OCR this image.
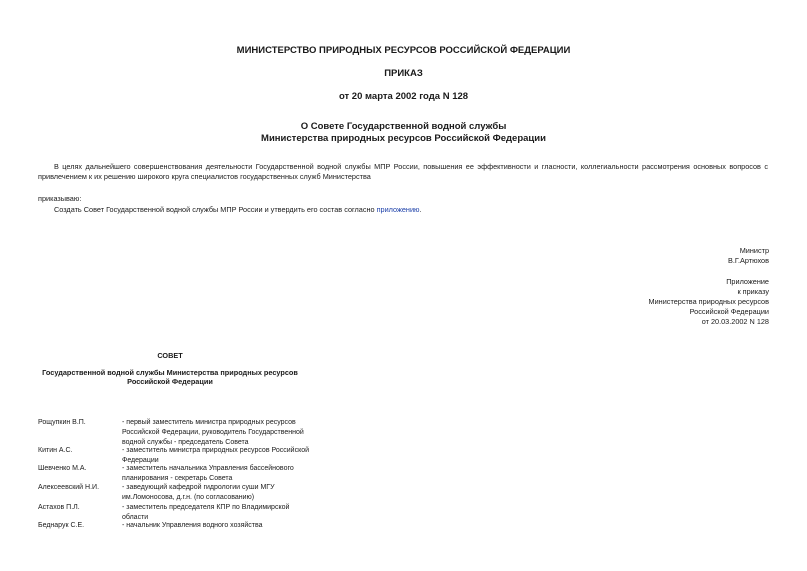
МИНИСТЕРСТВО ПРИРОДНЫХ РЕСУРСОВ РОССИЙСКОЙ ФЕДЕРАЦИИ
ПРИКАЗ
от 20 марта 2002 года N 128
О Совете Государственной водной службы
Министерства природных ресурсов Российской Федерации
В целях дальнейшего совершенствования деятельности Государственной водной службы МПР России, повышения ее эффективности и гласности, коллегиальности рассмотрения основных вопросов с привлечением к их решению широкого круга специалистов государственных служб Министерства
приказываю:
Создать Совет Государственной водной службы МПР России и утвердить его состав согласно приложению.
Министр
В.Г.Артюхов
Приложение
к приказу
Министерства природных ресурсов
Российской Федерации
от 20.03.2002 N 128
СОВЕТ
Государственной водной службы Министерства природных ресурсов
Российской Федерации
Рощупкин В.П.	- первый заместитель министра природных ресурсов Российской Федерации, руководитель Государственной водной службы - председатель Совета
Китин А.С.	- заместитель министра природных ресурсов Российской Федерации
Шевченко М.А.	- заместитель начальника Управления бассейнового планирования - секретарь Совета
Алексеевский Н.И.	- заведующий кафедрой гидрологии суши МГУ им.Ломоносова, д.г.н. (по согласованию)
Астахов П.Л.	- заместитель председателя КПР по Владимирской области
Беднарук С.Е.	- начальник Управления водного хозяйства
